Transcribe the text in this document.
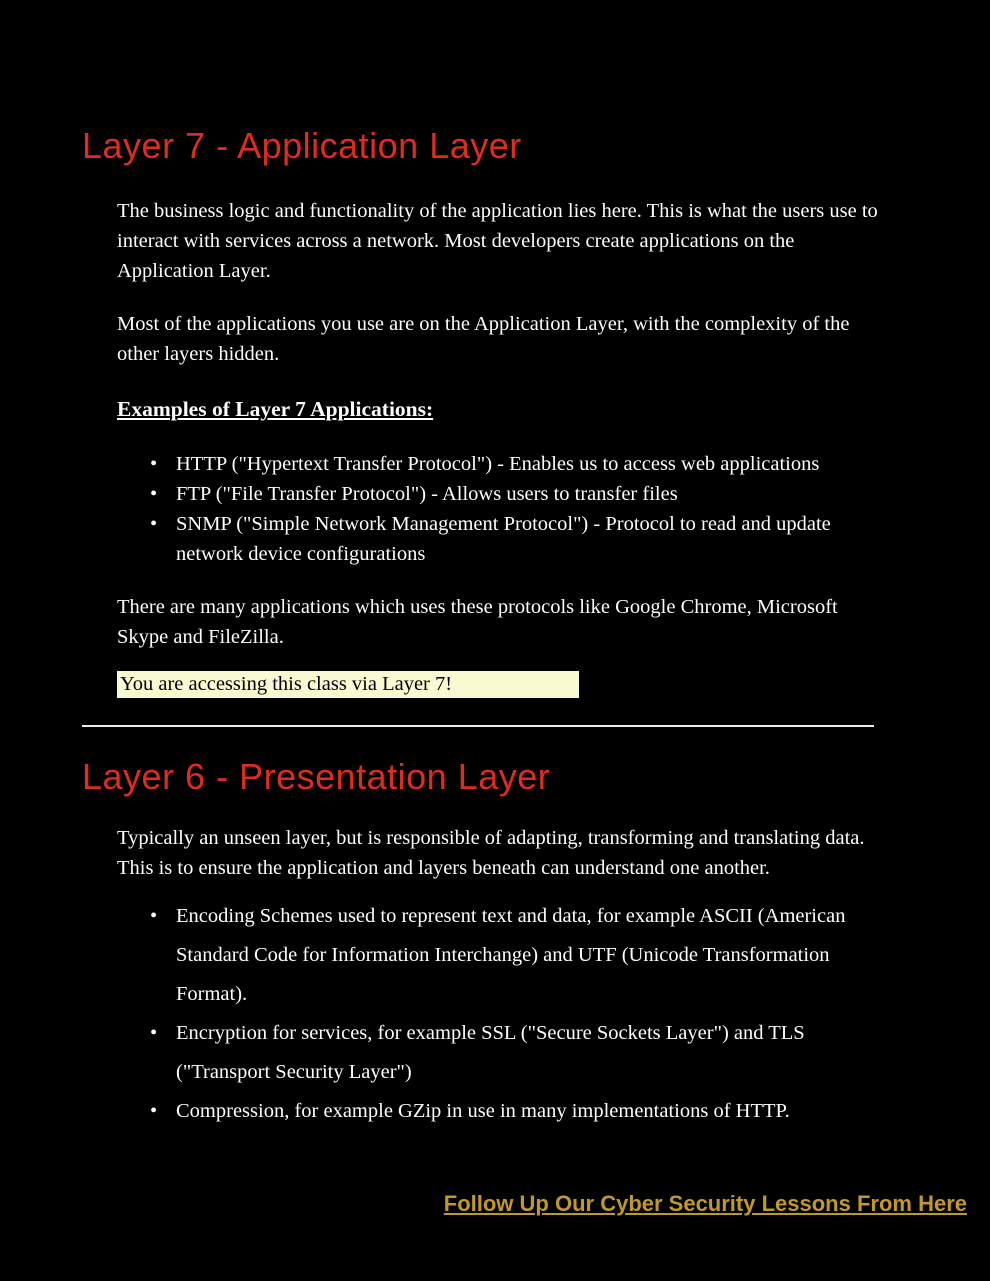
Layer 7 - Application Layer

The business logic and functionality of the application lies here. This is what the users use to interact with services across a network. Most developers create applications on the Application Layer.

Most of the applications you use are on the Application Layer, with the complexity of the other layers hidden.

Examples of Layer 7 Applications:
• HTTP ("Hypertext Transfer Protocol") - Enables us to access web applications
• FTP ("File Transfer Protocol") - Allows users to transfer files
• SNMP ("Simple Network Management Protocol") - Protocol to read and update network device configurations

There are many applications which uses these protocols like Google Chrome, Microsoft Skype and FileZilla.

You are accessing this class via Layer 7!

Layer 6 - Presentation Layer

Typically an unseen layer, but is responsible of adapting, transforming and translating data. This is to ensure the application and layers beneath can understand one another.

• Encoding Schemes used to represent text and data, for example ASCII (American Standard Code for Information Interchange) and UTF (Unicode Transformation Format).
• Encryption for services, for example SSL ("Secure Sockets Layer") and TLS ("Transport Security Layer")
• Compression, for example GZip in use in many implementations of HTTP.
Follow Up Our Cyber Security Lessons From Here
